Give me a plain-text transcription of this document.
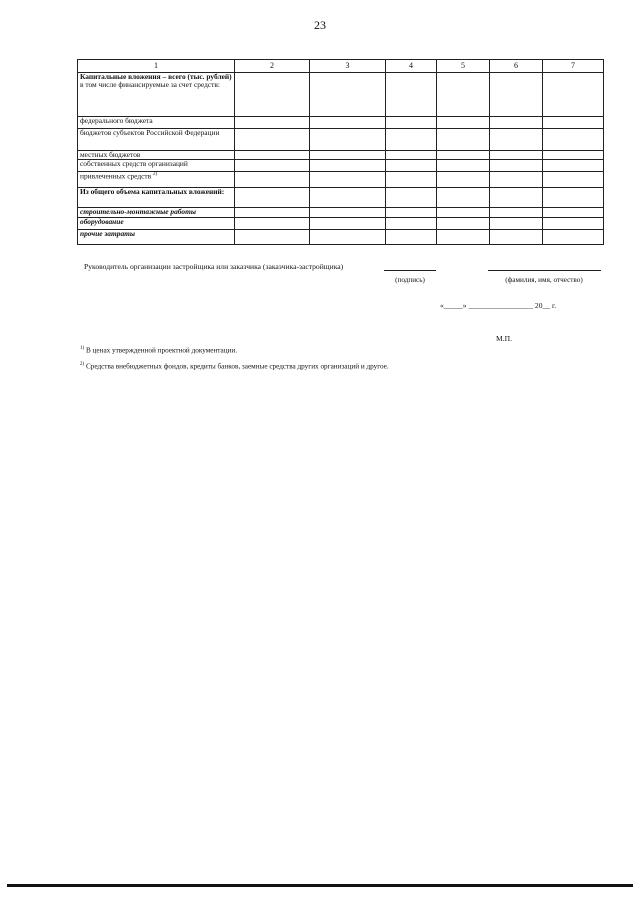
23
1	2	3	4	5	6	7
Капитальные вложения – всего (тыс. рублей)
в том числе финансируемые за счет средств:						

федерального бюджета						
бюджетов субъектов Российской Федерации						
местных бюджетов						
собственных средств организаций						
привлеченных средств $^{2)}$						
Из общего объема капитальных вложений:						
строительно-монтажные работы						
оборудование						
прочие затраты						
Руководитель организации застройщика или заказчика (заказчика-застройщика)
(подпись)	(фамилия, имя, отчество)
«_____» _________________ 20__ г.
М.П.
$^{1)}$ В ценах утвержденной проектной документации.
$^{2)}$ Средства внебюджетных фондов, кредиты банков, заемные средства других организаций и другое.
